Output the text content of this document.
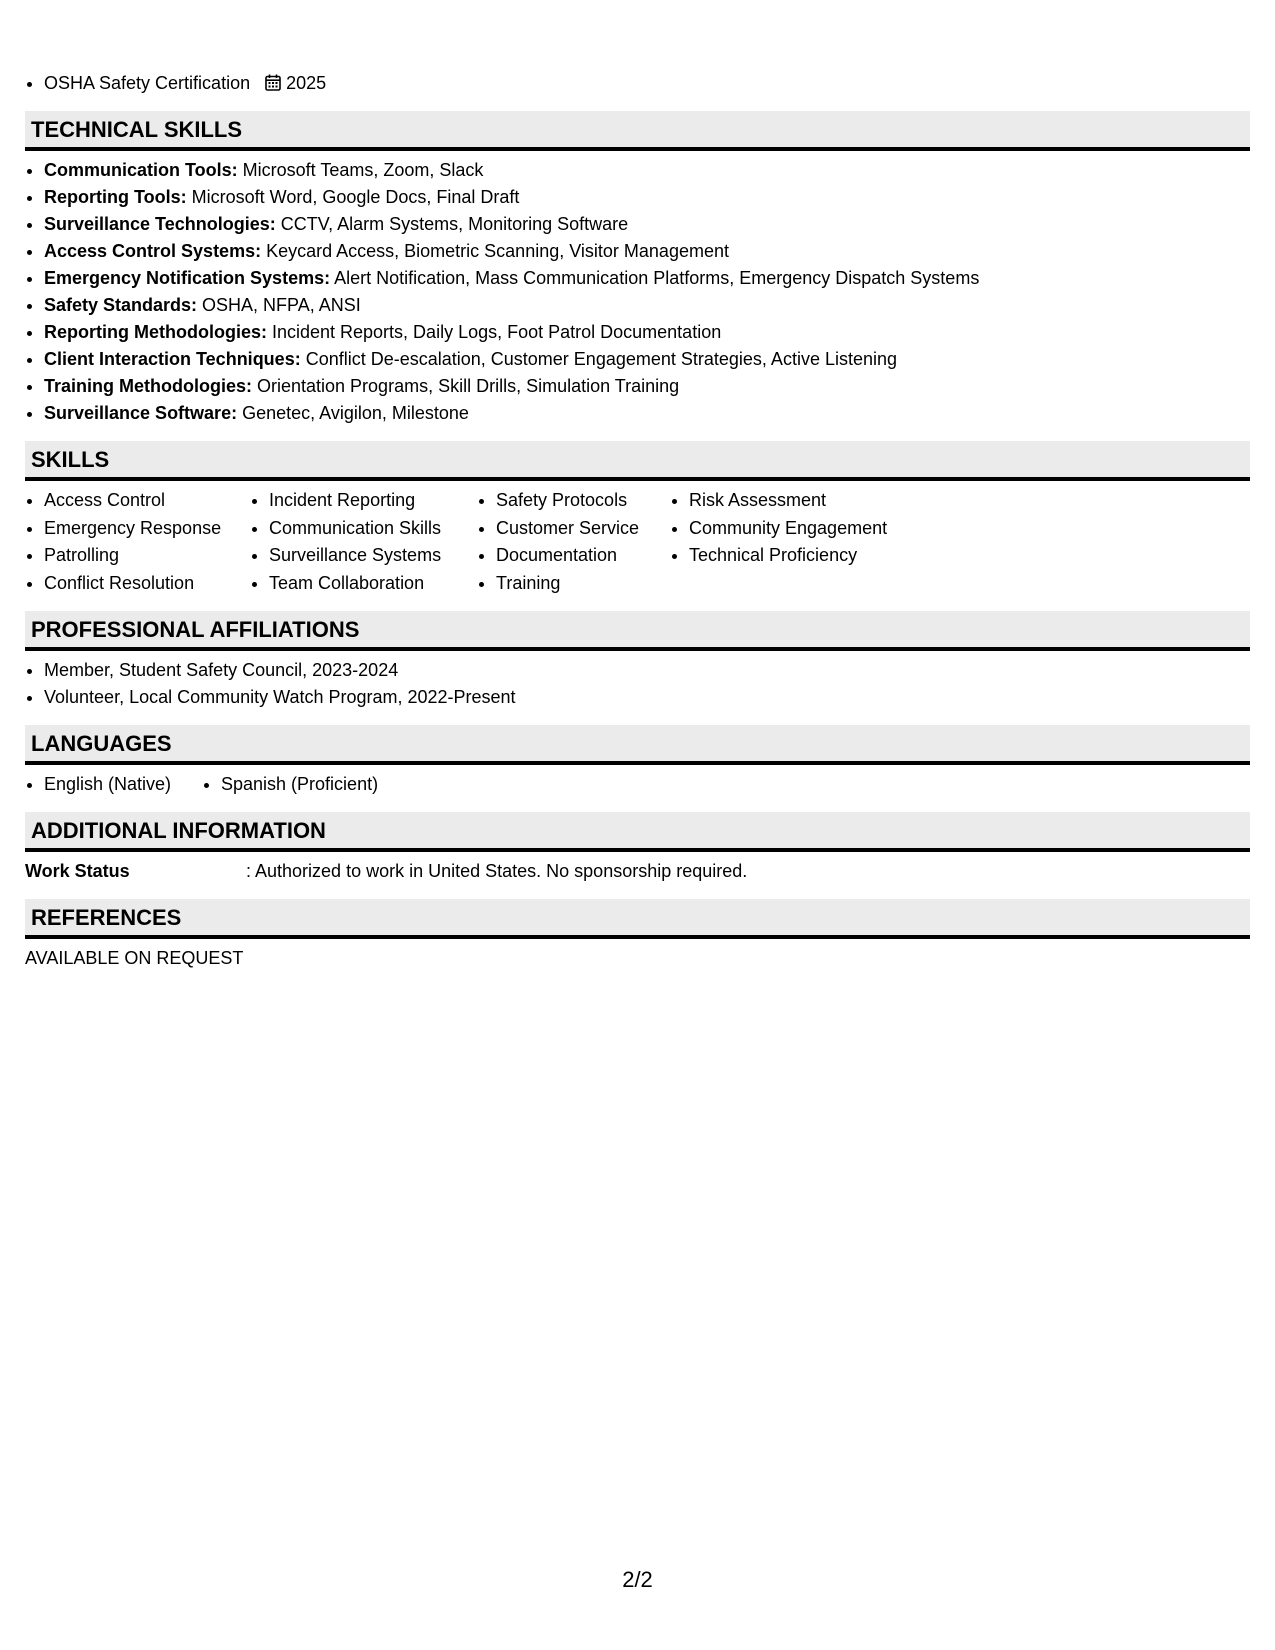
OSHA Safety Certification 2025
TECHNICAL SKILLS
Communication Tools: Microsoft Teams, Zoom, Slack
Reporting Tools: Microsoft Word, Google Docs, Final Draft
Surveillance Technologies: CCTV, Alarm Systems, Monitoring Software
Access Control Systems: Keycard Access, Biometric Scanning, Visitor Management
Emergency Notification Systems: Alert Notification, Mass Communication Platforms, Emergency Dispatch Systems
Safety Standards: OSHA, NFPA, ANSI
Reporting Methodologies: Incident Reports, Daily Logs, Foot Patrol Documentation
Client Interaction Techniques: Conflict De-escalation, Customer Engagement Strategies, Active Listening
Training Methodologies: Orientation Programs, Skill Drills, Simulation Training
Surveillance Software: Genetec, Avigilon, Milestone
SKILLS
Access Control
Emergency Response
Patrolling
Conflict Resolution
Incident Reporting
Communication Skills
Surveillance Systems
Team Collaboration
Safety Protocols
Customer Service
Documentation
Training
Risk Assessment
Community Engagement
Technical Proficiency
PROFESSIONAL AFFILIATIONS
Member, Student Safety Council, 2023-2024
Volunteer, Local Community Watch Program, 2022-Present
LANGUAGES
English (Native)	Spanish (Proficient)
ADDITIONAL INFORMATION
Work Status	: Authorized to work in United States. No sponsorship required.
REFERENCES
AVAILABLE ON REQUEST
2/2
